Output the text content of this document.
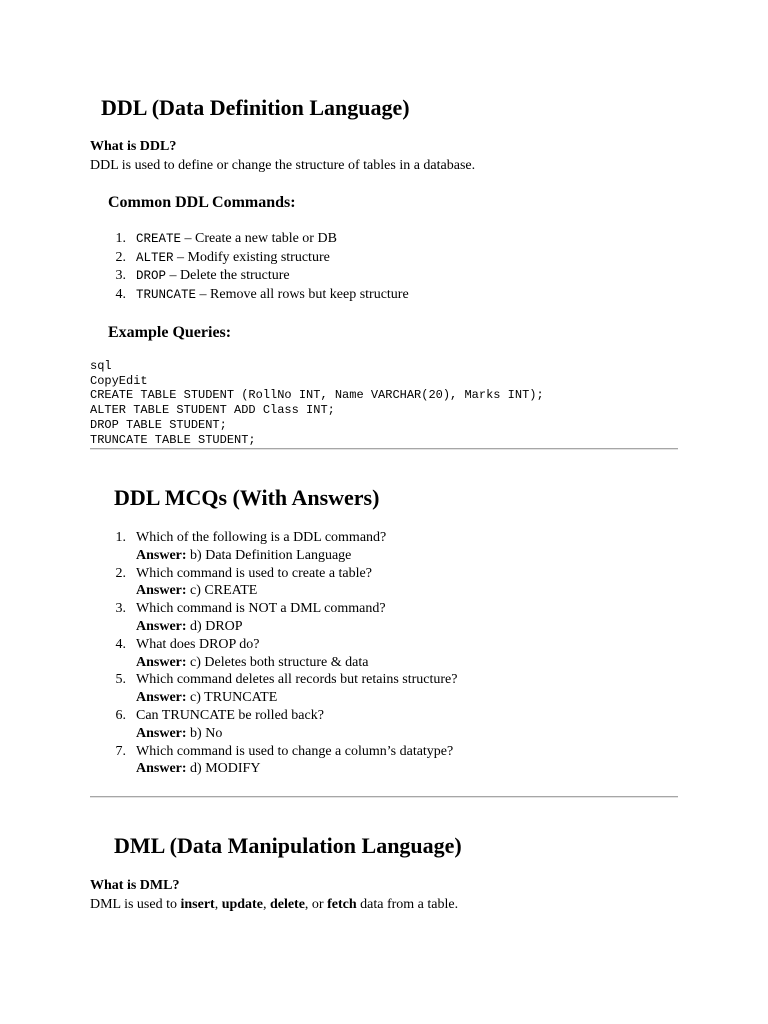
DDL (Data Definition Language)
What is DDL?
DDL is used to define or change the structure of tables in a database.
Common DDL Commands:
1. CREATE – Create a new table or DB
2. ALTER – Modify existing structure
3. DROP – Delete the structure
4. TRUNCATE – Remove all rows but keep structure
Example Queries:
sql
CopyEdit
CREATE TABLE STUDENT (RollNo INT, Name VARCHAR(20), Marks INT);
ALTER TABLE STUDENT ADD Class INT;
DROP TABLE STUDENT;
TRUNCATE TABLE STUDENT;
DDL MCQs (With Answers)
1. Which of the following is a DDL command?
Answer: b) Data Definition Language
2. Which command is used to create a table?
Answer: c) CREATE
3. Which command is NOT a DML command?
Answer: d) DROP
4. What does DROP do?
Answer: c) Deletes both structure & data
5. Which command deletes all records but retains structure?
Answer: c) TRUNCATE
6. Can TRUNCATE be rolled back?
Answer: b) No
7. Which command is used to change a column’s datatype?
Answer: d) MODIFY
DML (Data Manipulation Language)
What is DML?
DML is used to insert, update, delete, or fetch data from a table.
